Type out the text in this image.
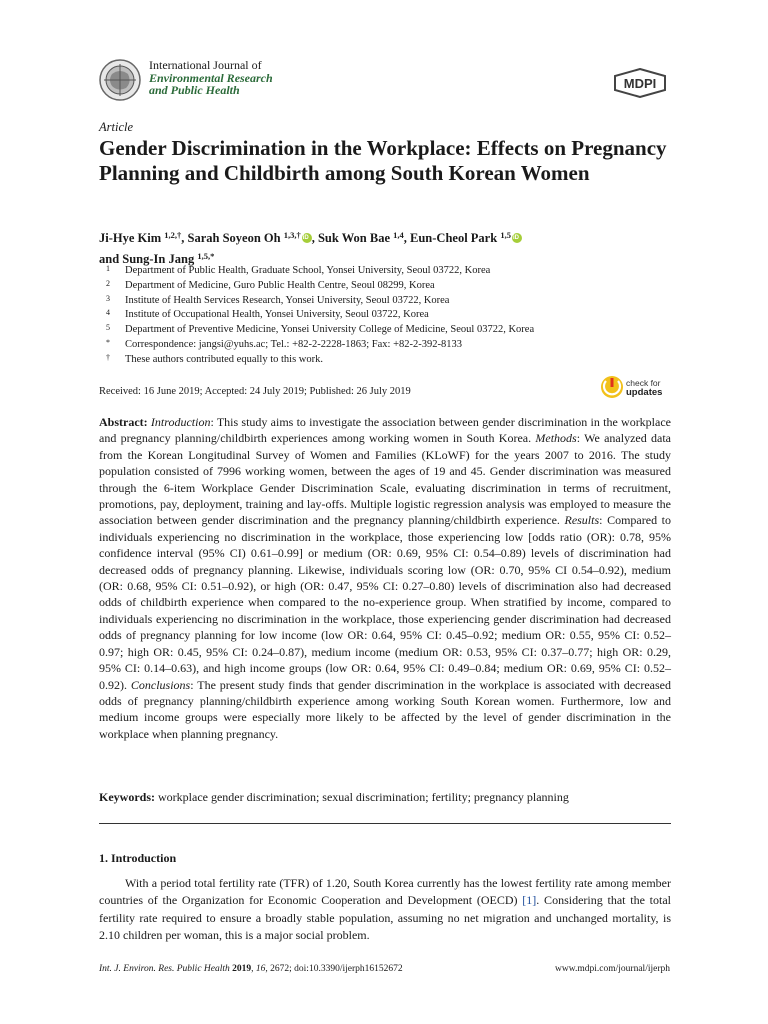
International Journal of
Environmental Research
and Public Health	MDPI
Article
Gender Discrimination in the Workplace: Effects on Pregnancy Planning and Childbirth among South Korean Women
Ji-Hye Kim $^{1,2,\dagger}$, Sarah Soyeon Oh $^{1,3,\dagger}$iD , Suk Won Bae $^{1,4}$, Eun-Cheol Park $^{1,5}$iD
and Sung-In Jang $^{1,5,*}$
1 Department of Public Health, Graduate School, Yonsei University, Seoul 03722, Korea
2 Department of Medicine, Guro Public Health Centre, Seoul 08299, Korea
3 Institute of Health Services Research, Yonsei University, Seoul 03722, Korea
4 Institute of Occupational Health, Yonsei University, Seoul 03722, Korea
5 Department of Preventive Medicine, Yonsei University College of Medicine, Seoul 03722, Korea
* Correspondence: jangsi@yuhs.ac; Tel.: +82-2-2228-1863; Fax: +82-2-392-8133
† These authors contributed equally to this work.
Received: 16 June 2019; Accepted: 24 July 2019; Published: 26 July 2019
check for
updates

Abstract: Introduction: This study aims to investigate the association between gender discrimination in the workplace and pregnancy planning/childbirth experiences among working women in South Korea. Methods: We analyzed data from the Korean Longitudinal Survey of Women and Families (KLoWF) for the years 2007 to 2016. The study population consisted of 7996 working women, between the ages of 19 and 45. Gender discrimination was measured through the 6-item Workplace Gender Discrimination Scale, evaluating discrimination in terms of recruitment, promotions, pay, deployment, training and lay-offs. Multiple logistic regression analysis was employed to measure the association between gender discrimination and the pregnancy planning/childbirth experience. Results: Compared to individuals experiencing no discrimination in the workplace, those experiencing low [odds ratio (OR): 0.78, 95% confidence interval (95% CI) 0.61–0.99] or medium (OR: 0.69, 95% CI: 0.54–0.89) levels of discrimination had decreased odds of pregnancy planning. Likewise, individuals scoring low (OR: 0.70, 95% CI 0.54–0.92), medium (OR: 0.68, 95% CI: 0.51–0.92), or high (OR: 0.47, 95% CI: 0.27–0.80) levels of discrimination also had decreased odds of childbirth experience when compared to the no-experience group. When stratified by income, compared to individuals experiencing no discrimination in the workplace, those experiencing gender discrimination had decreased odds of pregnancy planning for low income (low OR: 0.64, 95% CI: 0.45–0.92; medium OR: 0.55, 95% CI: 0.52–0.97; high OR: 0.45, 95% CI: 0.24–0.87), medium income (medium OR: 0.53, 95% CI: 0.37–0.77; high OR: 0.29, 95% CI: 0.14–0.63), and high income groups (low OR: 0.64, 95% CI: 0.49–0.84; medium OR: 0.69, 95% CI: 0.52–0.92). Conclusions: The present study finds that gender discrimination in the workplace is associated with decreased odds of pregnancy planning/childbirth experience among working South Korean women. Furthermore, low and medium income groups were especially more likely to be affected by the level of gender discrimination in the workplace when planning pregnancy.

Keywords: workplace gender discrimination; sexual discrimination; fertility; pregnancy planning

1. Introduction

With a period total fertility rate (TFR) of 1.20, South Korea currently has the lowest fertility rate among member countries of the Organization for Economic Cooperation and Development (OECD) [1]. Considering that the total fertility rate required to ensure a broadly stable population, assuming no net migration and unchanged mortality, is 2.10 children per woman, this is a major social problem.

Int. J. Environ. Res. Public Health 2019, 16, 2672; doi:10.3390/ijerph16152672	www.mdpi.com/journal/ijerph
